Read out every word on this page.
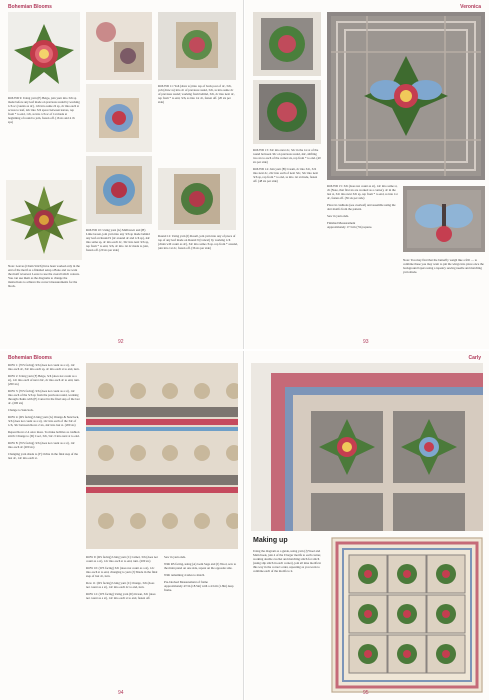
Bohemian Blooms

ROUND 9: Using yarn (E) Beige, join yarn into 3ch sp made before any leaf made on previous round by working 1ch sc (counts as dc), 1ch into same ch sp, dc into each st across to leaf, 4dc into 3ch space between leaves, rep from * to end, 1ch, ss into 1ch sc of 1st made at beginning of round to join, fasten off. (16 sts and 4 ch sps)

Note: Leaves (Chain Stitch) have been worked only in the end of the motif as a finished setup a Bano and we want the motif reversed. Leave to use the overall stitch colours. You can use them as the diagrams to change the instructions to achieve the correct measurements for the block.

ROUND 10: Using yarn (G) Midbrown and (H) Lime Green, join yarn into any 3ch sp made behind any leaf on Round 9 (dc around dc and 1ch sp), 4dc into same sp, dc into each dc, 3dc into next 3ch sp, rep from * to end, 3ch, dc into 1st dc made to join, fasten off. (20 sts per side)

ROUND 11: Yoh (draw ss) into top of back post of dc, 3ch, yoh (draw ss) into dc of previous round, 3ch, ss into same dc of previous round; working from behind, 3ch, dc into next dc, rep from * to end, 3ch, ss into 1st dc, fasten off. (20 sts per side)

Round 12: Using yarn (I) Rosell, join yarn into any of piece of top of any leaf made on Round 9 (Cancel) by working 1ch (chain will count as dc), 3dc into same ch sp. rep from * around, join into 1st dc, fasten off. (36 sts per side)

92
Veronica

ROUND 13: 3dc into next dc, 3dc in the 1st st of the round between 3dc on previous round, 4dc, shifting two sts to each of the corner sts, rep from * to end. (40 sts per side)

ROUND 14: Join yarn (B) Cream, dc into 3dc, 3ch into next dc, 2dc into each of next 3dc, 3dc into next 3ch sp, rep from * to end, ss into 1st st made, fasten off. (48 sts per side)

ROUND 15: 3ch (does not count as st), 1dc into same st, ch (Note, that first sts are worked as a corner), dc in the last st, 3dc into next 3ch sp, rep from * to end, ss into 1st dc, fasten off. (56 sts per side)

Place in cushions (see overleaf) and assemble using the dart motifs from the pattern.

Sew in yarn ends.

Finished Measurement
Approximately 17.5cm (7in) square.

Note: You may find that the butterfly weigh like a frill — to combine these you may want to pin the wings into place once the background layers using a tapestry sewing needle and matching yarn shade.

93
Bohemian Blooms

ROW 1: (WS facing) 3ch (does not count as a st), 1dc into each dc, 3dc into each sp, dc into each st to end, turn.

ROW 2: Using yarn (F) Beige, 3ch (does not count as a st), 1dc into each of next 2dc, dc into each dc to end, turn. (200 sts)

ROW 3: (WS facing) 3ch (does not count as a st), 1dc into each of the 3ch sp from the previous round, working through chains with (E) Cancel in the final step of the last dc. (200 sts)

Change to Sunclock.

ROW 4: (RS facing) Using yarn (G) Orange & Sunclock, 3ch (does not count as a st), 1dc into each of the 3dc of 1ch, 3dc between Rows 2 sts, 4dc into last st. (200 sts)

Repeat Rows 2-4 once more. To make bobbles as cushion stitch: Change to (D) Cool, 3ch, 5dc cl into next st to end.

ROW 8: (WS facing) 3ch (does not count as a st), 1dc into each dc (200 sts)

Changing yarn shade to (F) Ochre in the final step of the last dc, 1dc into each st.

ROW 9: (RS facing) Using yarn (C) Camel, 3ch (does not count as a st), 1dc into each st to end, turn. (200 sts)

ROW 10: (WS facing) 3ch (does not count as a st), 1dc into each st to end, changing to yarn (J) Shade in the final step of last dc, turn.

Row 11: (RS facing) Using yarn (C) Orange, 3ch (does not count as a st), 1dc into each dc to end, turn.

ROW 12: (WS facing) Using yarn (D) Ocean, 3ch (does not count as a st), 1dc into each st to end, fasten off.

Sew in yarn ends.

With RS facing, using (A) Gem Sage and (J) Wool, sew to the main panel on one side, repeat on the opposite side.

With remaining 4 sides to match.

Pre-blocked Measurement of frame
Approximately 47cm (18.5in) with a 4.5cm (1.8in) deep frame.

94
Carly
Making up

Using the diagram as a guide, using yarn (J) Wool and Main hook, join 4 of the 9 larger motifs to each corner, working double crochet and matching stitch for stitch (using slip stitch in each corner), join all nine motifs in this way in the correct order, repeating as you work to combine each of the motifs to it.

95
